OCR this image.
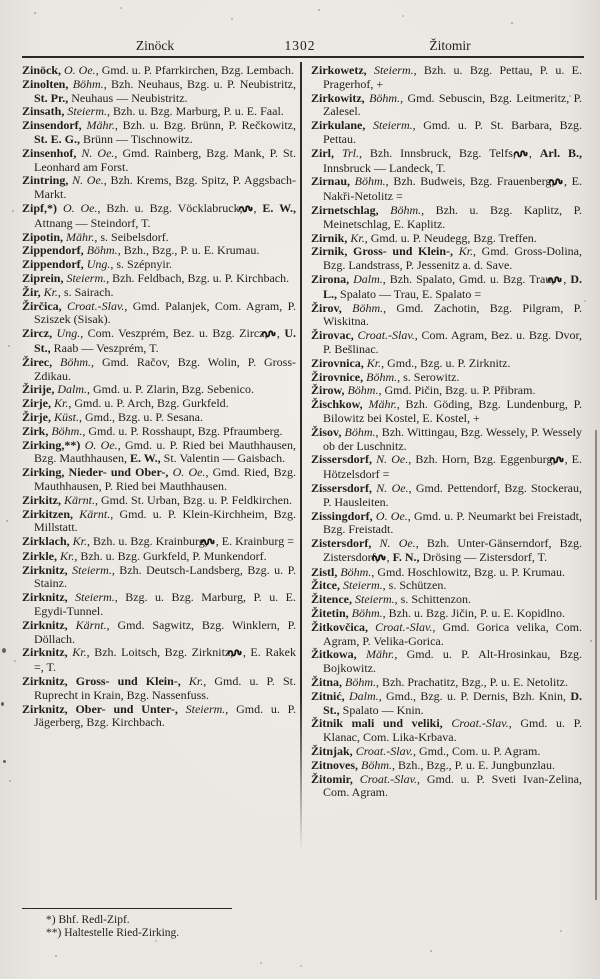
Zinöck	1302	Žitomir
Zinöck, O. Oe., Gmd. u. P. Pfarrkirchen, Bzg. Lembach.
Zinolten, Böhm., Bzh. Neuhaus, Bzg. u. P. Neubistritz, St. Pr., Neuhaus — Neubistritz.
Zinsath, Steierm., Bzh. u. Bzg. Marburg, P. u. E. Faal.
Zinsendorf, Mähr., Bzh. u. Bzg. Brünn, P. Rečkowitz, St. E. G., Brünn — Tischnowitz.
Zinsenhof, N. Oe., Gmd. Rainberg, Bzg. Mank, P. St. Leonhard am Forst.
Zintring, N. Oe., Bzh. Krems, Bzg. Spitz, P. Aggsbach-Markt.
Zipf,*) O. Oe., Bzh. u. Bzg. Vöcklabruck, , E. W., Attnang — Steindorf, T.
Zipotin, Mähr., s. Seibelsdorf.
Zippendorf, Böhm., Bzh., Bzg., P. u. E. Krumau.
Zippendorf, Ung., s. Szépnyir.
Ziprein, Steierm., Bzh. Feldbach, Bzg. u. P. Kirchbach.
Žir, Kr., s. Sairach.
Žirčica, Croat.-Slav., Gmd. Palanjek, Com. Agram, P. Sziszek (Sisak).
Zircz, Ung., Com. Veszprém, Bez. u. Bzg. Zircz, , U. St., Raab — Veszprém, T.
Žirec, Böhm., Gmd. Račov, Bzg. Wolin, P. Gross-Zdikau.
Žirije, Dalm., Gmd. u. P. Zlarin, Bzg. Sebenico.
Zirje, Kr., Gmd. u. P. Arch, Bzg. Gurkfeld.
Žirje, Küst., Gmd., Bzg. u. P. Sesana.
Zirk, Böhm., Gmd. u. P. Rosshaupt, Bzg. Pfraumberg.
Zirking,**) O. Oe., Gmd. u. P. Ried bei Mauthhausen, Bzg. Mauthhausen, E. W., St. Valentin — Gaisbach.
Zirking, Nieder- und Ober-, O. Oe., Gmd. Ried, Bzg. Mauthhausen, P. Ried bei Mauthhausen.
Zirkitz, Kärnt., Gmd. St. Urban, Bzg. u. P. Feldkirchen.
Zirkitzen, Kärnt., Gmd. u. P. Klein-Kirchheim, Bzg. Millstatt.
Zirklach, Kr., Bzh. u. Bzg. Krainburg, , E. Krainburg =
Zirkle, Kr., Bzh. u. Bzg. Gurkfeld, P. Munkendorf.
Zirknitz, Steierm., Bzh. Deutsch-Landsberg, Bzg. u. P. Stainz.
Zirknitz, Steierm., Bzg. u. Bzg. Marburg, P. u. E. Egydi-Tunnel.
Zirknitz, Kärnt., Gmd. Sagwitz, Bzg. Winklern, P. Döllach.
Zirknitz, Kr., Bzh. Loitsch, Bzg. Zirknitz, , E. Rakek =, T.
Zirknitz, Gross- und Klein-, Kr., Gmd. u. P. St. Ruprecht in Krain, Bzg. Nassenfuss.
Zirknitz, Ober- und Unter-, Steierm., Gmd. u. P. Jägerberg, Bzg. Kirchbach.
Zirkowetz, Steierm., Bzh. u. Bzg. Pettau, P. u. E. Pragerhof, +
Zirkowitz, Böhm., Gmd. Sebuscin, Bzg. Leitmeritz, P. Zalesel.
Zirkulane, Steierm., Gmd. u. P. St. Barbara, Bzg. Pettau.
Zirl, Trl., Bzh. Innsbruck, Bzg. Telfs, , Arl. B., Innsbruck — Landeck, T.
Zirnau, Böhm., Bzh. Budweis, Bzg. Frauenberg, , E. Nakři-Netolitz =
Zirnetschlag, Böhm., Bzh. u. Bzg. Kaplitz, P. Meinetschlag, E. Kaplitz.
Zirnik, Kr., Gmd. u. P. Neudegg, Bzg. Treffen.
Zirnik, Gross- und Klein-, Kr., Gmd. Gross-Dolina, Bzg. Landstrass, P. Jessenitz a. d. Save.
Zirona, Dalm., Bzh. Spalato, Gmd. u. Bzg. Trau, , D. L., Spalato — Trau, E. Spalato =
Žirov, Böhm., Gmd. Zachotin, Bzg. Pilgram, P. Wiskitna.
Žirovac, Croat.-Slav., Com. Agram, Bez. u. Bzg. Dvor, P. Bešlinac.
Zirovnica, Kr., Gmd., Bzg. u. P. Zirknitz.
Žirovnice, Böhm., s. Serowitz.
Žirow, Böhm., Gmd. Pičin, Bzg. u. P. Přibram.
Žischkow, Mähr., Bzh. Göding, Bzg. Lundenburg, P. Bilowitz bei Kostel, E. Kostel, +
Žisov, Böhm., Bzh. Wittingau, Bzg. Wessely, P. Wessely ob der Luschnitz.
Zissersdorf, N. Oe., Bzh. Horn, Bzg. Eggenburg, , E. Hötzelsdorf =
Zissersdorf, N. Oe., Gmd. Pettendorf, Bzg. Stockerau, P. Hausleiten.
Zissingdorf, O. Oe., Gmd. u. P. Neumarkt bei Freistadt, Bzg. Freistadt.
Zistersdorf, N. Oe., Bzh. Unter-Gänserndorf, Bzg. Zistersdorf, , F. N., Drösing — Zistersdorf, T.
Zistl, Böhm., Gmd. Hoschlowitz, Bzg. u. P. Krumau.
Žitce, Steierm., s. Schützen.
Žitence, Steierm., s. Schittenzon.
Žitetin, Böhm., Bzh. u. Bzg. Jičin, P. u. E. Kopidlno.
Žitkovčica, Croat.-Slav., Gmd. Gorica velika, Com. Agram, P. Velika-Gorica.
Žitkowa, Mähr., Gmd. u. P. Alt-Hrosinkau, Bzg. Bojkowitz.
Žitna, Böhm., Bzh. Prachatitz, Bzg., P. u. E. Netolitz.
Zitnić, Dalm., Gmd., Bzg. u. P. Dernis, Bzh. Knin, D. St., Spalato — Knin.
Žitnik mali und veliki, Croat.-Slav., Gmd. u. P. Klanac, Com. Lika-Krbava.
Žitnjak, Croat.-Slav., Gmd., Com. u. P. Agram.
Zitnoves, Böhm., Bzh., Bzg., P. u. E. Jungbunzlau.
Žitomir, Croat.-Slav., Gmd. u. P. Sveti Ivan-Zelina, Com. Agram.
*) Bhf. Redl-Zipf.
**) Haltestelle Ried-Zirking.
